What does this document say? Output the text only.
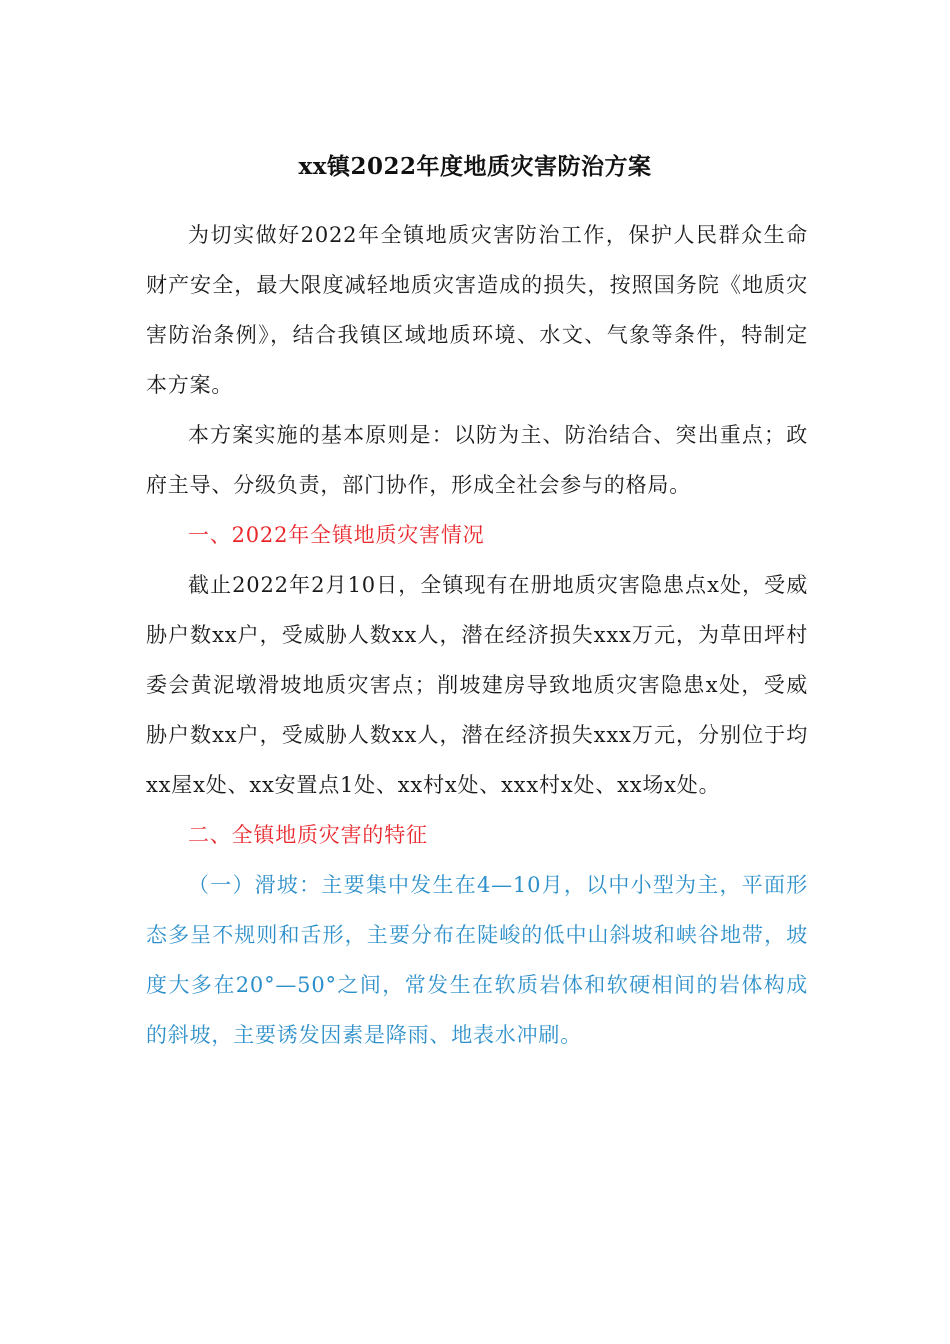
xx镇2022年度地质灾害防治方案

为切实做好2022年全镇地质灾害防治工作，保护人民群众生命财产安全，最大限度减轻地质灾害造成的损失，按照国务院《地质灾害防治条例》，结合我镇区域地质环境、水文、气象等条件，特制定本方案。

本方案实施的基本原则是：以防为主、防治结合、突出重点；政府主导、分级负责，部门协作，形成全社会参与的格局。

一、2022年全镇地质灾害情况

截止2022年2月10日，全镇现有在册地质灾害隐患点x处，受威胁户数xx户，受威胁人数xx人，潜在经济损失xxx万元，为草田坪村委会黄泥墩滑坡地质灾害点；削坡建房导致地质灾害隐患x处，受威胁户数xx户，受威胁人数xx人，潜在经济损失xxx万元，分别位于均xx屋x处、xx安置点1处、xx村x处、xxx村x处、xx场x处。

二、全镇地质灾害的特征

（一）滑坡：主要集中发生在4—10月，以中小型为主，平面形态多呈不规则和舌形，主要分布在陡峻的低中山斜坡和峡谷地带，坡度大多在20°—50°之间，常发生在软质岩体和软硬相间的岩体构成的斜坡，主要诱发因素是降雨、地表水冲刷。
